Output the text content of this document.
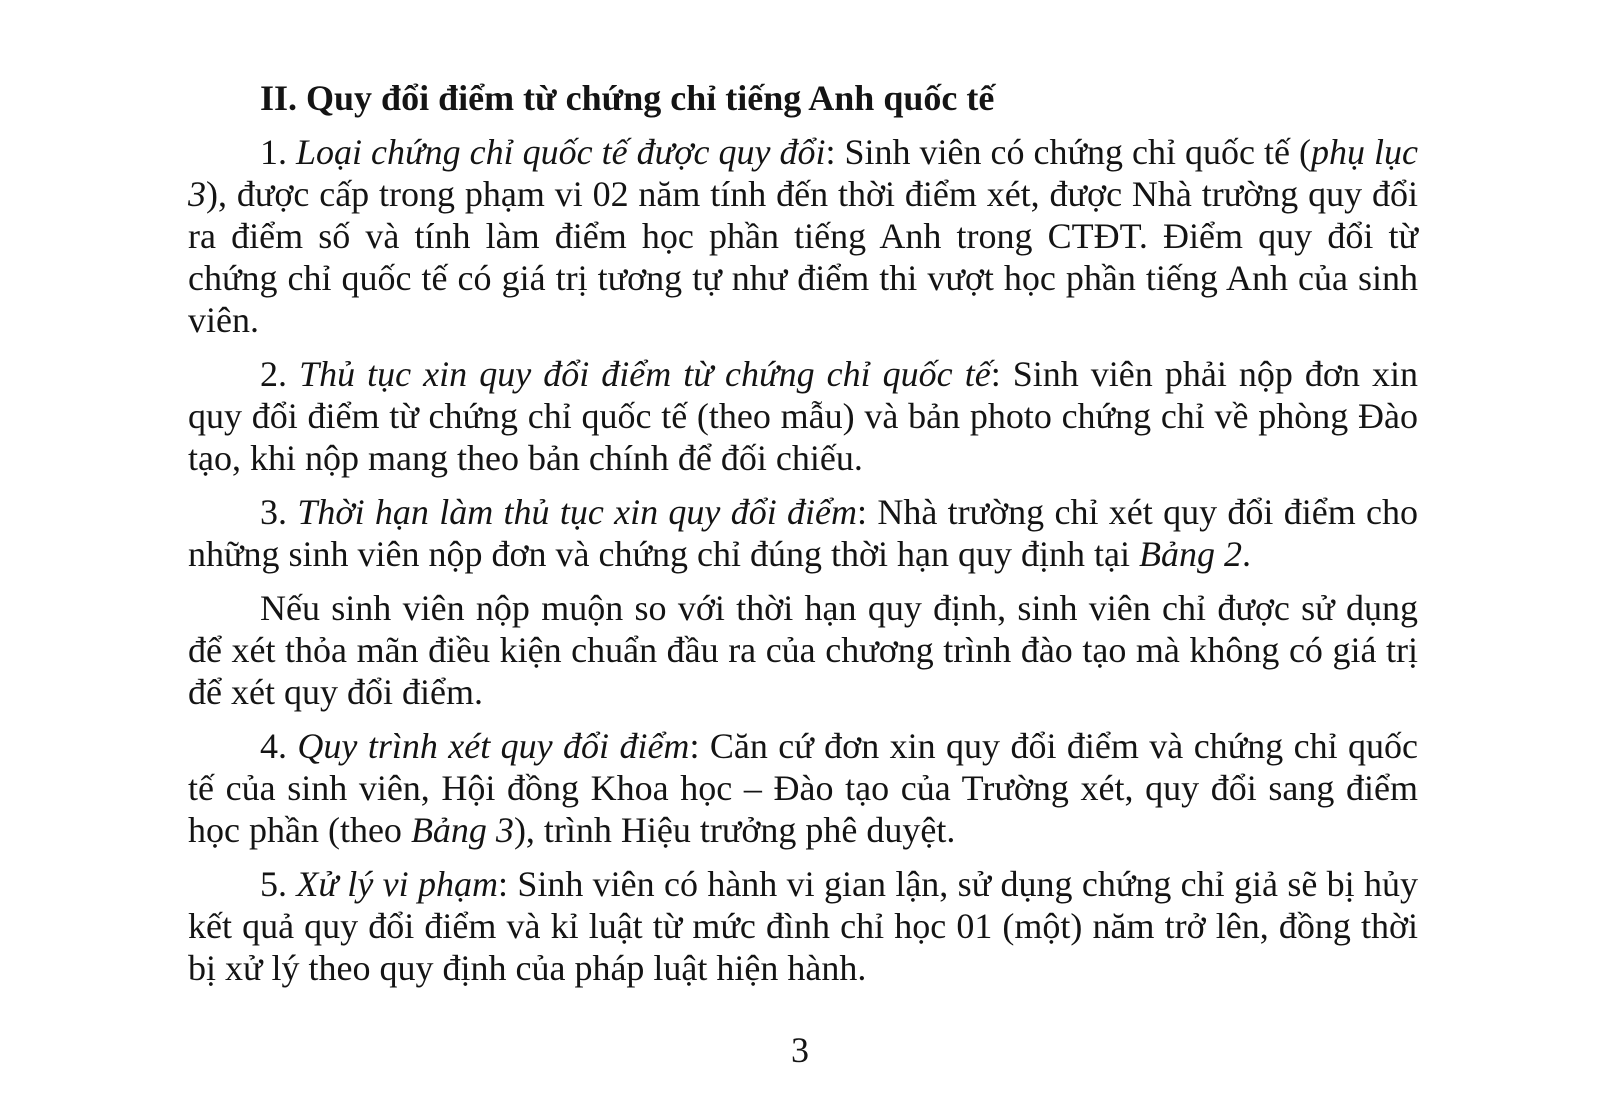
II. Quy đổi điểm từ chứng chỉ tiếng Anh quốc tế

1. Loại chứng chỉ quốc tế được quy đổi: Sinh viên có chứng chỉ quốc tế (phụ lục 3), được cấp trong phạm vi 02 năm tính đến thời điểm xét, được Nhà trường quy đổi ra điểm số và tính làm điểm học phần tiếng Anh trong CTĐT. Điểm quy đổi từ chứng chỉ quốc tế có giá trị tương tự như điểm thi vượt học phần tiếng Anh của sinh viên.

2. Thủ tục xin quy đổi điểm từ chứng chỉ quốc tế: Sinh viên phải nộp đơn xin quy đổi điểm từ chứng chỉ quốc tế (theo mẫu) và bản photo chứng chỉ về phòng Đào tạo, khi nộp mang theo bản chính để đối chiếu.

3. Thời hạn làm thủ tục xin quy đổi điểm: Nhà trường chỉ xét quy đổi điểm cho những sinh viên nộp đơn và chứng chỉ đúng thời hạn quy định tại Bảng 2.

Nếu sinh viên nộp muộn so với thời hạn quy định, sinh viên chỉ được sử dụng để xét thỏa mãn điều kiện chuẩn đầu ra của chương trình đào tạo mà không có giá trị để xét quy đổi điểm.

4. Quy trình xét quy đổi điểm: Căn cứ đơn xin quy đổi điểm và chứng chỉ quốc tế của sinh viên, Hội đồng Khoa học – Đào tạo của Trường xét, quy đổi sang điểm học phần (theo Bảng 3), trình Hiệu trưởng phê duyệt.

5. Xử lý vi phạm: Sinh viên có hành vi gian lận, sử dụng chứng chỉ giả sẽ bị hủy kết quả quy đổi điểm và kỉ luật từ mức đình chỉ học 01 (một) năm trở lên, đồng thời bị xử lý theo quy định của pháp luật hiện hành.

3
